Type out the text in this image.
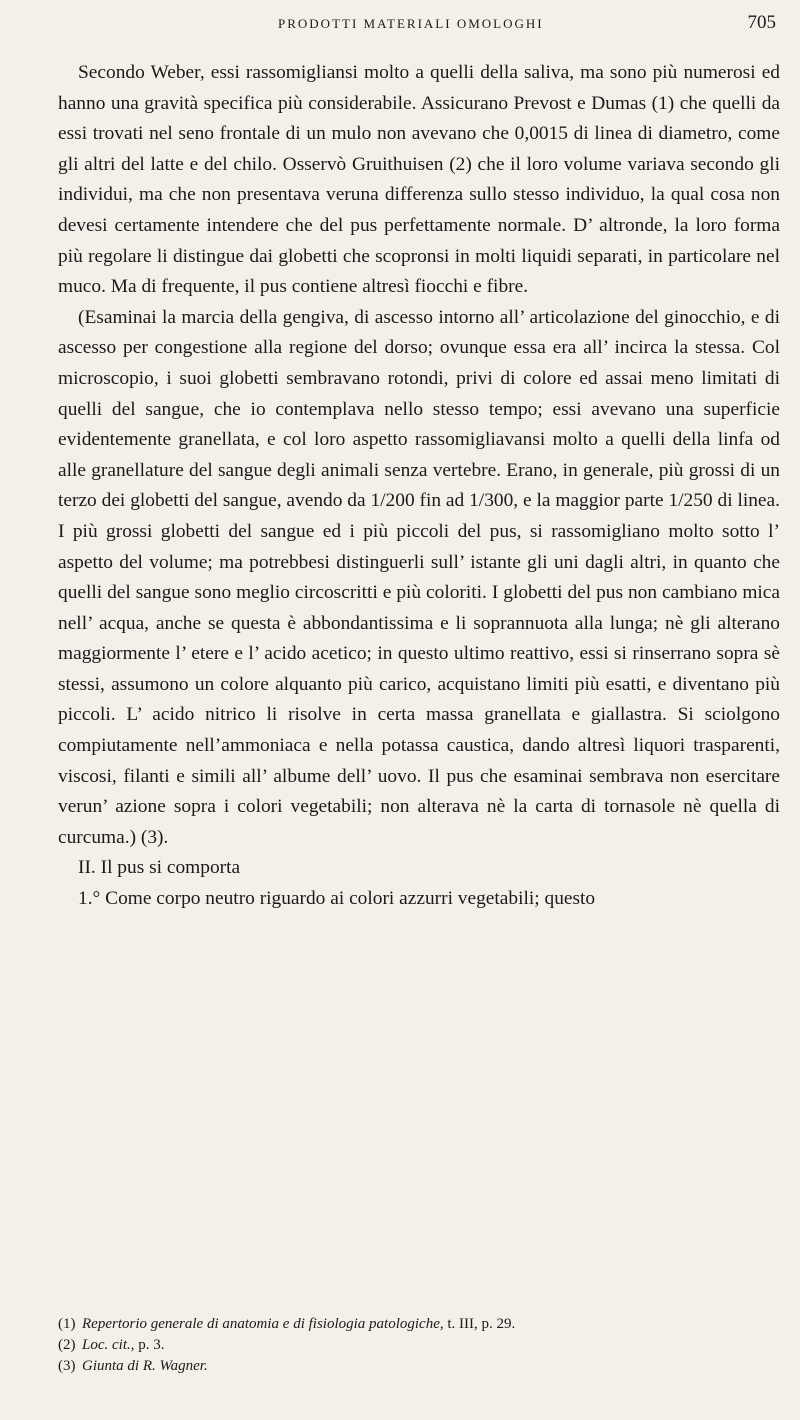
PRODOTTI MATERIALI OMOLOGHI	705

Secondo Weber, essi rassomigliansi molto a quelli della saliva, ma sono più numerosi ed hanno una gravità specifica più considerabile. Assicurano Prevost e Dumas (1) che quelli da essi trovati nel seno frontale di un mulo non avevano che 0,0015 di linea di diametro, come gli altri del latte e del chilo. Osservò Gruithuisen (2) che il loro volume variava secondo gli individui, ma che non presentava veruna differenza sullo stesso individuo, la qual cosa non devesi certamente intendere che del pus perfettamente normale. D’ altronde, la loro forma più regolare li distingue dai globetti che scopronsi in molti liquidi separati, in particolare nel muco. Ma di frequente, il pus contiene altresì fiocchi e fibre.

(Esaminai la marcia della gengiva, di ascesso intorno all’ articolazione del ginocchio, e di ascesso per congestione alla regione del dorso; ovunque essa era all’ incirca la stessa. Col microscopio, i suoi globetti sembravano rotondi, privi di colore ed assai meno limitati di quelli del sangue, che io contemplava nello stesso tempo; essi avevano una superficie evidentemente granellata, e col loro aspetto rassomigliavansi molto a quelli della linfa od alle granellature del sangue degli animali senza vertebre. Erano, in generale, più grossi di un terzo dei globetti del sangue, avendo da 1/200 fin ad 1/300, e la maggior parte 1/250 di linea. I più grossi globetti del sangue ed i più piccoli del pus, si rassomigliano molto sotto l’ aspetto del volume; ma potrebbesi distinguerli sull’ istante gli uni dagli altri, in quanto che quelli del sangue sono meglio circoscritti e più coloriti. I globetti del pus non cambiano mica nell’ acqua, anche se questa è abbondantissima e li soprannuota alla lunga; nè gli alterano maggiormente l’ etere e l’ acido acetico; in questo ultimo reattivo, essi si rinserrano sopra sè stessi, assumono un colore alquanto più carico, acquistano limiti più esatti, e diventano più piccoli. L’ acido nitrico li risolve in certa massa granellata e giallastra. Si sciolgono compiutamente nell’ammoniaca e nella potassa caustica, dando altresì liquori trasparenti, viscosi, filanti e simili all’ albume dell’ uovo. Il pus che esaminai sembrava non esercitare verun’ azione sopra i colori vegetabili; non alterava nè la carta di tornasole nè quella di curcuma.) (3).

II. Il pus si comporta

1.° Come corpo neutro riguardo ai colori azzurri vegetabili; questo

(1) Repertorio generale di anatomia e di fisiologia patologiche, t. III, p. 29.

(2) Loc. cit., p. 3.

(3) Giunta di R. Wagner.
